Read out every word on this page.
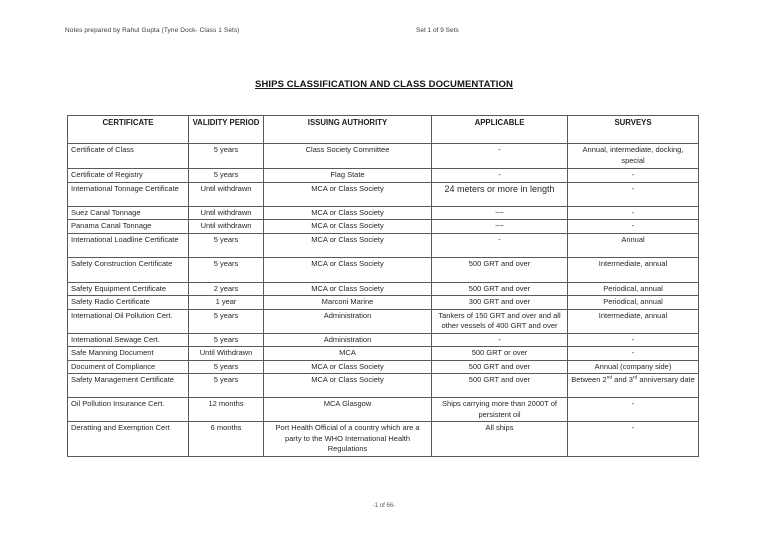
Notes prepared by Rahul Gupta (Tyne Dock- Class 1 Sets)	Set 1 of 9 Sets
SHIPS CLASSIFICATION AND CLASS DOCUMENTATION
CERTIFICATE	VALIDITY PERIOD	ISSUING AUTHORITY	APPLICABLE	SURVEYS
Certificate of Class	5 years	Class Society Committee	-	Annual, intermediate, docking, special
Certificate of Registry	5 years	Flag State	-	-
International Tonnage Certificate	Until withdrawn	MCA or Class Society	24 meters or more in length	-
Suez Canal Tonnage	Until withdrawn	MCA or Class Society	~~	-
Panama Canal Tonnage	Until withdrawn	MCA or Class Society	~~	-
International Loadline Certificate	5 years	MCA or Class Society	-	Annual
Safety Construction Certificate	5 years	MCA or Class Society	500 GRT and over	Intermediate, annual
Safety Equipment Certificate	2 years	MCA or Class Society	500 GRT and over	Periodical, annual
Safety Radio Certificate	1 year	Marconi Marine	300 GRT and over	Periodical, annual
International Oil Pollution Cert.	5 years	Administration	Tankers of 150 GRT and over and all other vessels of 400 GRT and over	Intermediate, annual
International Sewage Cert.	5 years	Administration	-	-
Safe Manning Document	Until Withdrawn	MCA	500 GRT or over	-
Document of Compliance	5 years	MCA or Class Society	500 GRT and over	Annual (company side)
Safety Management Certificate	5 years	MCA or Class Society	500 GRT and over	Between 2nd and 3rd anniversary date
Oil Pollution Insurance Cert.	12 months	MCA Glasgow	Ships carrying more than 2000T of persistent oil	-
Deratting and Exemption Cert	6 months	Port Health Official of a country which are a party to the WHO International Health Regulations	All ships	-
-1 of 66-
